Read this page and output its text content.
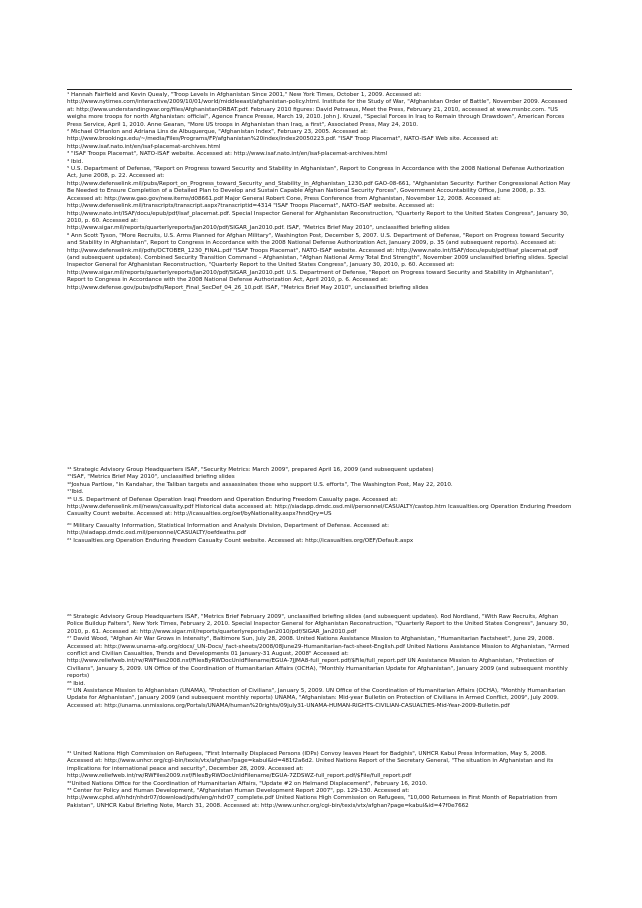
¹ Hannah Fairfield and Kevin Quealy, "Troop Levels in Afghanistan Since 2001," New York Times, October 1, 2009. Accessed at:

http://www.nytimes.com/interactive/2009/10/01/world/middleeast/afghanistan-policy.html. Institute for the Study of War, "Afghanistan Order of Battle", November 2009. Accessed at: http://www.understandingwar.org/files/AfghanistanORBAT.pdf. February 2010 figures: David Petraeus, Meet the Press, February 21, 2010, accessed at www.msnbc.com. "US weighs more troops for north Afghanistan: official", Agence France Presse, March 19, 2010. John J. Kruzel, "Special Forces in Iraq to Remain through Drawdown", American Forces Press Service, April 1, 2010. Anne Gearan, "More US troops in Afghanistan than Iraq, a first", Associated Press, May 24, 2010.

² Michael O'Hanlon and Adriana Lins de Albuquerque, "Afghanistan Index", February 23, 2005. Accessed at:

http://www.brookings.edu/~/media/Files/Programs/FP/afghanistan%20index/index20050223.pdf. "ISAF Troop Placemat", NATO-ISAF Web site. Accessed at: http://www.isaf.nato.int/en/isaf-placemat-archives.html

³ "ISAF Troops Placemat", NATO-ISAF website. Accessed at: http://www.isaf.nato.int/en/isaf-placemat-archives.html

⁴ Ibid.

⁵ U.S. Department of Defense, "Report on Progress toward Security and Stability in Afghanistan", Report to Congress in Accordance with the 2008 National Defense Authorization Act, June 2008, p. 22. Accessed at:

http://www.defenselink.mil/pubs/Report_on_Progress_toward_Security_and_Stability_in_Afghanistan_1230.pdf GAO-08-661, "Afghanistan Security: Further Congressional Action May Be Needed to Ensure Completion of a Detailed Plan to Develop and Sustain Capable Afghan National Security Forces", Government Accountability Office, June 2008, p. 33. Accessed at: http://www.gao.gov/new.items/d08661.pdf Major General Robert Cone, Press Conference from Afghanistan, November 12, 2008. Accessed at: http://www.defenselink.mil/transcripts/transcript.aspx?transcriptid=4314 "ISAF Troops Placemat", NATO-ISAF website. Accessed at: http://www.nato.int/ISAF/docu/epub/pdf/isaf_placemat.pdf. Special Inspector General for Afghanistan Reconstruction, "Quarterly Report to the United States Congress", January 30, 2010, p. 60. Accessed at:

http://www.sigar.mil/reports/quarterlyreports/Jan2010/pdf/SIGAR_Jan2010.pdf. ISAF, "Metrics Brief May 2010", unclassified briefing slides

⁶ Ann Scott Tyson, "More Recruits, U.S. Arms Planned for Afghan Military", Washington Post, December 5, 2007. U.S. Department of Defense, "Report on Progress toward Security and Stability in Afghanistan", Report to Congress in Accordance with the 2008 National Defense Authorization Act, January 2009, p. 35 (and subsequent reports). Accessed at: http://www.defenselink.mil/pdfs/OCTOBER_1230_FINAL.pdf "ISAF Troops Placemat", NATO-ISAF website. Accessed at: http://www.nato.int/ISAF/docu/epub/pdf/isaf_placemat.pdf (and subsequent updates). Combined Security Transition Command – Afghanistan, "Afghan National Army Total End Strength", November 2009 unclassified briefing slides. Special Inspector General for Afghanistan Reconstruction, "Quarterly Report to the United States Congress", January 30, 2010, p. 60. Accessed at: http://www.sigar.mil/reports/quarterlyreports/Jan2010/pdf/SIGAR_Jan2010.pdf. U.S. Department of Defense, "Report on Progress toward Security and Stability in Afghanistan", Report to Congress in Accordance with the 2008 National Defense Authorization Act, April 2010, p. 6. Accessed at: http://www.defense.gov/pubs/pdfs/Report_Final_SecDef_04_26_10.pdf. ISAF, "Metrics Brief May 2010", unclassified briefing slides

¹⁴ Strategic Advisory Group Headquarters ISAF, "Security Metrics: March 2009", prepared April 16, 2009 (and subsequent updates)

¹⁵ISAF, "Metrics Brief May 2010", unclassified briefing slides

¹⁶Joshua Partlow, "In Kandahar, the Taliban targets and assassinates those who support U.S. efforts", The Washington Post, May 22, 2010.

¹⁷Ibid.

¹⁸ U.S. Department of Defense Operation Iraqi Freedom and Operation Enduring Freedom Casualty page. Accessed at:

http://www.defenselink.mil/news/casualty.pdf Historical data accessed at: http://siadapp.dmdc.osd.mil/personnel/CASUALTY/castop.htm Icasualties.org Operation Enduring Freedom Casualty Count website. Accessed at: http://icasualties.org/oef/byNationality.aspx?hndQry=US

²⁰ Military Casualty Information, Statistical Information and Analysis Division, Department of Defense. Accessed at:

http://siadapp.dmdc.osd.mil/personnel/CASUALTY/oefdeaths.pdf

²¹ Icasualties.org Operation Enduring Freedom Casualty Count website. Accessed at: http://icasualties.org/OEF/Default.aspx

²⁶ Strategic Advisory Group Headquarters ISAF, "Metrics Brief February 2009", unclassified briefing slides (and subsequent updates). Rod Nordland, "With Raw Recruits, Afghan Police Buildup Falters", New York Times, February 2, 2010. Special Inspector General for Afghanistan Reconstruction, "Quarterly Report to the United States Congress", January 30, 2010, p. 61. Accessed at: http://www.sigar.mil/reports/quarterlyreports/Jan2010/pdf/SIGAR_Jan2010.pdf

²⁷ David Wood, "Afghan Air War Grows in Intensity", Baltimore Sun, July 28, 2008. United Nations Assistance Mission to Afghanistan, "Humanitarian Factsheet", June 29, 2008. Accessed at: http://www.unama-afg.org/docs/_UN-Docs/_fact-sheets/2008/08June29-Humanitarian-fact-sheet-English.pdf United Nations Assistance Mission to Afghanistan, "Armed conflict and Civilian Casualties, Trends and Developments 01 January-31 August, 2008" Accessed at:

http://www.reliefweb.int/rw/RWFiles2008.nsf/FilesByRWDocUnidFilename/EGUA-7JJMA8-full_report.pdf/$File/full_report.pdf UN Assistance Mission to Afghanistan, "Protection of Civilians", January 5, 2009. UN Office of the Coordination of Humanitarian Affairs (OCHA), "Monthly Humanitarian Update for Afghanistan", January 2009 (and subsequent monthly reports)

²⁸ Ibid.

²⁹ UN Assistance Mission to Afghanistan (UNAMA), "Protection of Civilians", January 5, 2009. UN Office of the Coordination of Humanitarian Affairs (OCHA), "Monthly Humanitarian Update for Afghanistan", January 2009 (and subsequent monthly reports) UNAMA, "Afghanistan: Mid-year Bulletin on Protection of Civilians in Armed Conflict, 2009", July 2009. Accessed at: http://unama.unmissions.org/Portals/UNAMA/human%20rights/09july31-UNAMA-HUMAN-RIGHTS-CIVILIAN-CASUALTIES-Mid-Year-2009-Bulletin.pdf

³¹ United Nations High Commission on Refugees, "First Internally Displaced Persons (IDPs) Convoy leaves Heart for Badghis", UNHCR Kabul Press Information, May 5, 2008. Accessed at: http://www.unhcr.org/cgi-bin/texis/vtx/afghan?page=kabul&id=481f2a6d2. United Nations Report of the Secretary General, "The situation in Afghanistan and its implications for international peace and security", December 28, 2009. Accessed at:

http://www.reliefweb.int/rw/RWFiles2009.nsf/FilesByRWDocUnidFilename/EGUA-7ZDSWZ-full_report.pdf/$File/full_report.pdf

³²United Nations Office for the Coordination of Humanitarian Affairs, "Update #2 on Helmand Displacement", February 16, 2010.

³³ Center for Policy and Human Development, "Afghanistan Human Development Report 2007", pp. 129-130. Accessed at:

http://www.cphd.af/nhdr/nhdr07/download/pdfs/eng/nhdr07_complete.pdf United Nations High Commission on Refugees, "10,000 Returnees in First Month of Repatriation from Pakistan", UNHCR Kabul Briefing Note, March 31, 2008. Accessed at: http://www.unhcr.org/cgi-bin/texis/vtx/afghan?page=kabul&id=47f0e7662
